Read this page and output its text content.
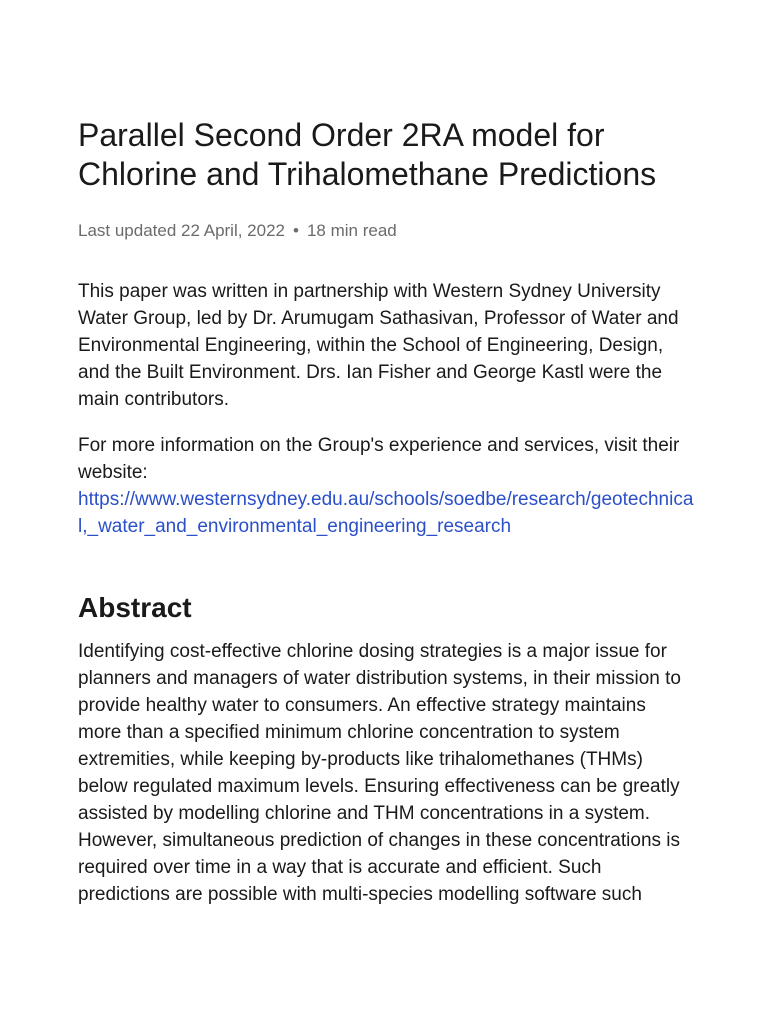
Parallel Second Order 2RA model for Chlorine and Trihalomethane Predictions
Last updated 22 April, 2022 • 18 min read

This paper was written in partnership with Western Sydney University Water Group, led by Dr. Arumugam Sathasivan, Professor of Water and Environmental Engineering, within the School of Engineering, Design, and the Built Environment. Drs. Ian Fisher and George Kastl were the main contributors.

For more information on the Group's experience and services, visit their website:
https://www.westernsydney.edu.au/schools/soedbe/research/geotechnical,_water_and_environmental_engineering_research

Abstract

Identifying cost-effective chlorine dosing strategies is a major issue for planners and managers of water distribution systems, in their mission to provide healthy water to consumers. An effective strategy maintains more than a specified minimum chlorine concentration to system extremities, while keeping by-products like trihalomethanes (THMs) below regulated maximum levels. Ensuring effectiveness can be greatly assisted by modelling chlorine and THM concentrations in a system. However, simultaneous prediction of changes in these concentrations is required over time in a way that is accurate and efficient. Such predictions are possible with multi-species modelling software such
